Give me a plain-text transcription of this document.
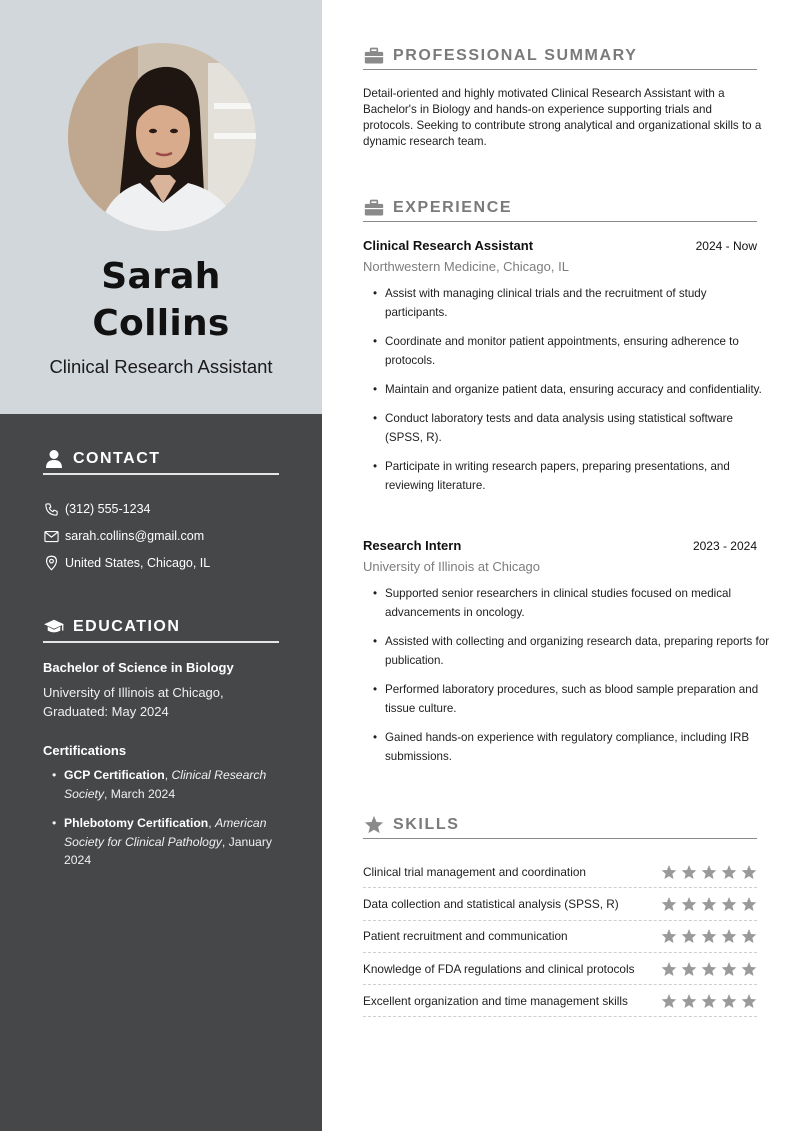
Sarah
Collins
Clinical Research Assistant
CONTACT
(312) 555-1234
sarah.collins@gmail.com
United States, Chicago, IL
EDUCATION
Bachelor of Science in Biology
University of Illinois at Chicago,
Graduated: May 2024
Certifications
• GCP Certification, Clinical Research Society, March 2024
• Phlebotomy Certification, American Society for Clinical Pathology, January 2024
PROFESSIONAL SUMMARY

Detail-oriented and highly motivated Clinical Research Assistant with a Bachelor's in Biology and hands-on experience supporting trials and protocols. Seeking to contribute strong analytical and organizational skills to a dynamic research team.

EXPERIENCE
Clinical Research Assistant	2024 - Now
Northwestern Medicine, Chicago, IL
• Assist with managing clinical trials and the recruitment of study participants.
• Coordinate and monitor patient appointments, ensuring adherence to protocols.
• Maintain and organize patient data, ensuring accuracy and confidentiality.
• Conduct laboratory tests and data analysis using statistical software (SPSS, R).
• Participate in writing research papers, preparing presentations, and reviewing literature.
Research Intern	2023 - 2024
University of Illinois at Chicago
• Supported senior researchers in clinical studies focused on medical advancements in oncology.
• Assisted with collecting and organizing research data, preparing reports for publication.
• Performed laboratory procedures, such as blood sample preparation and tissue culture.
• Gained hands-on experience with regulatory compliance, including IRB submissions.
SKILLS
Clinical trial management and coordination
Data collection and statistical analysis (SPSS, R)
Patient recruitment and communication
Knowledge of FDA regulations and clinical protocols
Excellent organization and time management skills
